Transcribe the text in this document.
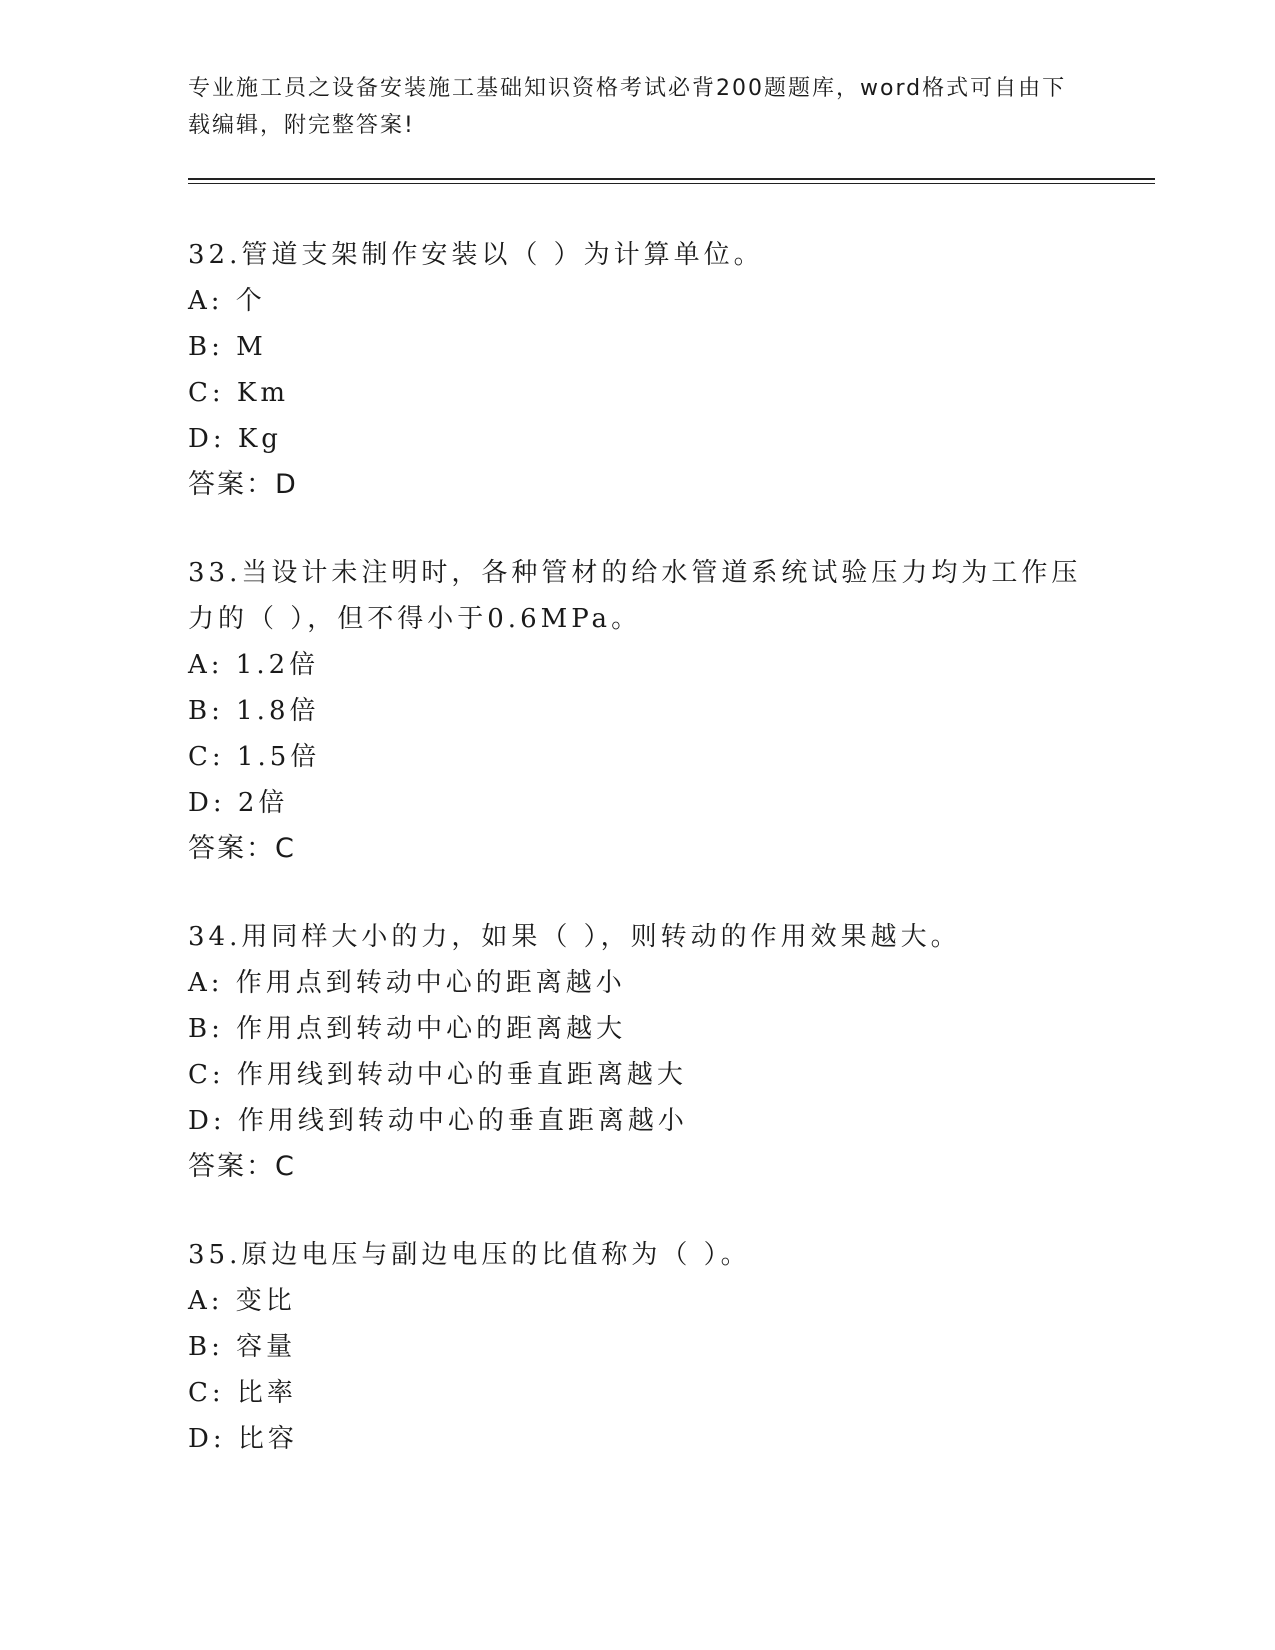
专业施工员之设备安装施工基础知识资格考试必背200题题库，word格式可自由下载编辑，附完整答案!

32.管道支架制作安装以（ ）为计算单位。

A: 个

B: M

C: Km

D: Kg

答案：D

33.当设计未注明时，各种管材的给水管道系统试验压力均为工作压力的（ ），但不得小于0.6MPa。

A: 1.2倍

B: 1.8倍

C: 1.5倍

D: 2倍

答案：C

34.用同样大小的力，如果（ ），则转动的作用效果越大。

A: 作用点到转动中心的距离越小

B: 作用点到转动中心的距离越大

C: 作用线到转动中心的垂直距离越大

D: 作用线到转动中心的垂直距离越小

答案：C

35.原边电压与副边电压的比值称为（ ）。

A: 变比

B: 容量

C: 比率

D: 比容
